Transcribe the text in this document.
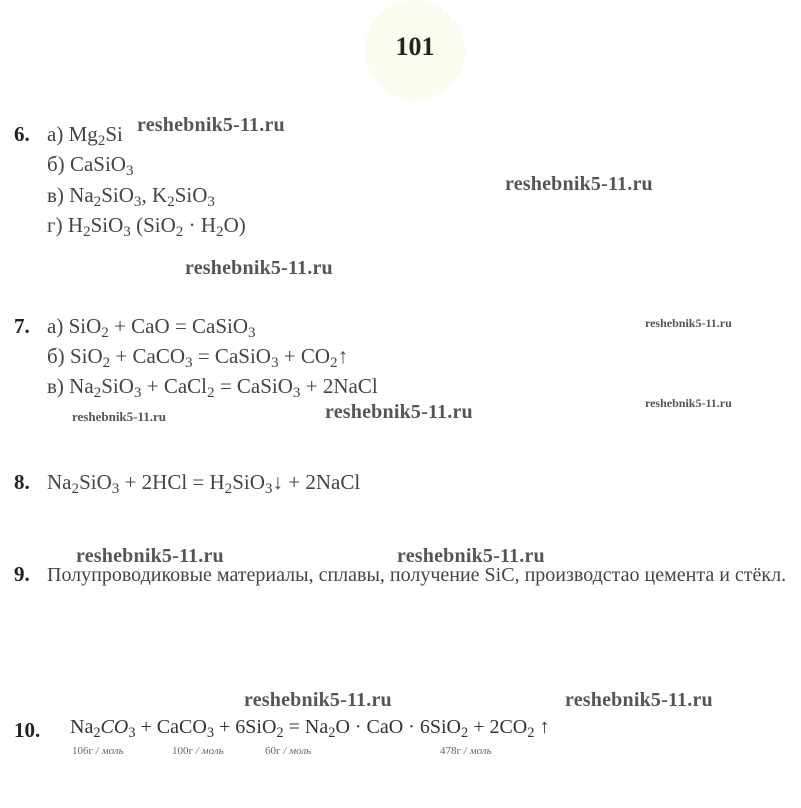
101
6. а) $Mg_2Si$
б) CaSiO$_3$
в) $Na_2SiO_3$, $K_2SiO_3$
г) $H_2SiO_3$ $(SiO_2 \cdot H_2O)$
7. а) SiO$_2$ + CaO = CaSiO$_3$
б) SiO$_2$ + CaCO$_3$ = CaSiO$_3$ + $CO_2↑$
в) $Na_2SiO_3$ + CaCl$_2$ = CaSiO$_3$ + 2NaCl
8. $Na_2SiO_3 + 2HCl$ = $H_2SiO_3↓$ + 2NaCl
9. Полупроводиковые материалы, сплавы, получение SiC, производстао цемента и стёкл.
10. $Na_2CO_3$ + CaCO$_3$ + $6SiO_2 = Na_2O$ · CaO · $6SiO_2 + 2CO_2$ ↑
106г / моль	100г / моль	60г / моль	478г / моль
reshebnik5-11.ru
reshebnik5-11.ru
reshebnik5-11.ru
reshebnik5-11.ru
reshebnik5-11.ru
reshebnik5-11.ru
reshebnik5-11.ru
reshebnik5-11.ru	reshebnik5-11.ru
reshebnik5-11.ru	reshebnik5-11.ru
